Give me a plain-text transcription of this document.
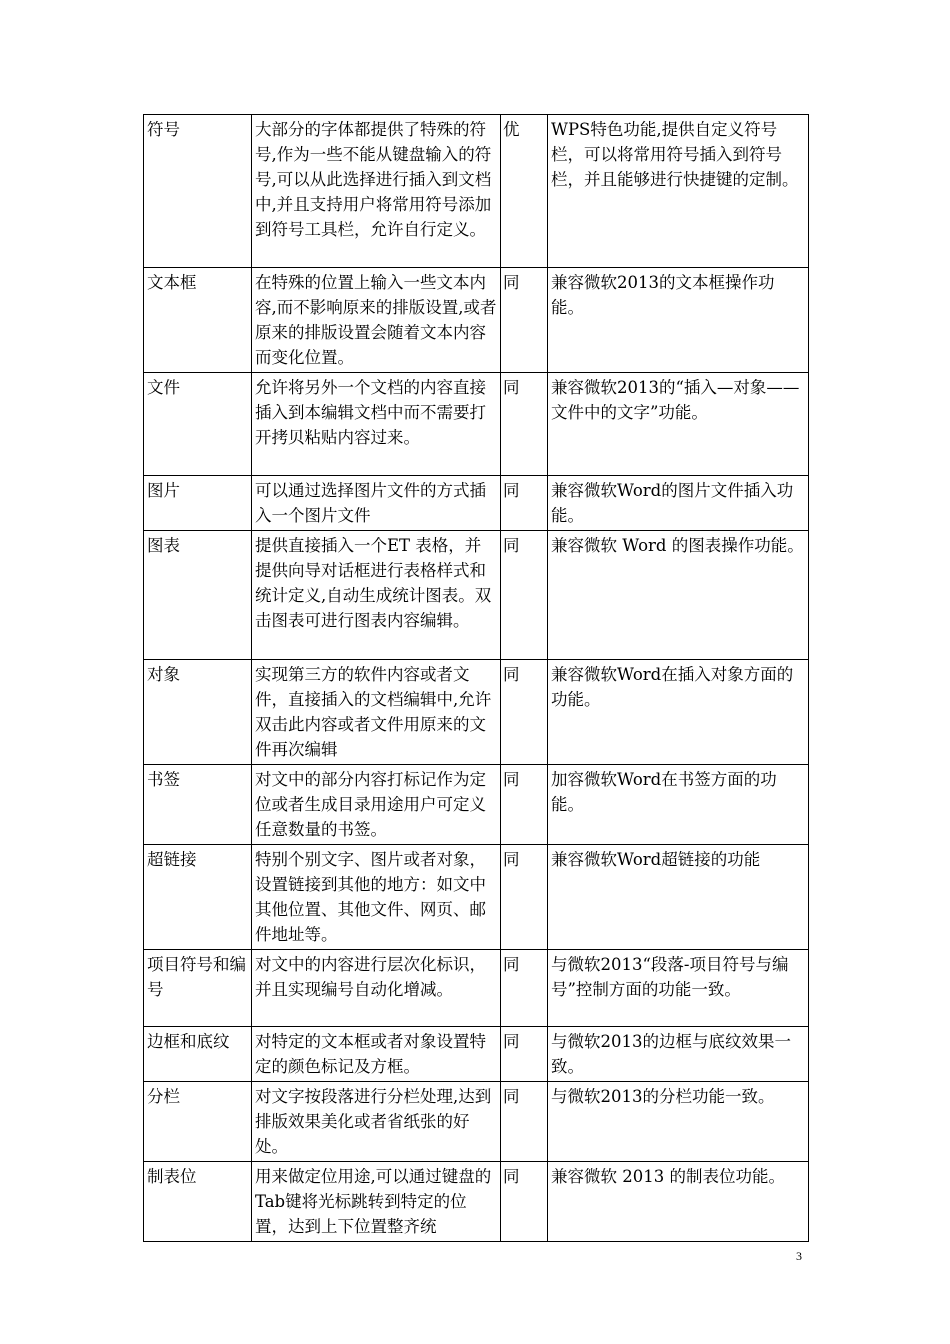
符号	大部分的字体都提供了特殊的符号,作为一些不能从键盘输入的符号,可以从此选择进行插入到文档中,并且支持用户将常用符号添加到符号工具栏，允许自行定义。	优	WPS特色功能,提供自定义符号栏，可以将常用符号插入到符号栏，并且能够进行快捷键的定制。
文本框	在特殊的位置上输入一些文本内容,而不影响原来的排版设置,或者原来的排版设置会随着文本内容而变化位置。	同	兼容微软2013的文本框操作功能。
文件	允许将另外一个文档的内容直接插入到本编辑文档中而不需要打开拷贝粘贴内容过来。	同	兼容微软2013的“插入—对象——文件中的文字”功能。
图片	可以通过选择图片文件的方式插入一个图片文件	同	兼容微软Word的图片文件插入功能。
图表	提供直接插入一个ET 表格，并提供向导对话框进行表格样式和统计定义,自动生成统计图表。双击图表可进行图表内容编辑。	同	兼容微软 Word 的图表操作功能。
对象	实现第三方的软件内容或者文件，直接插入的文档编辑中,允许双击此内容或者文件用原来的文件再次编辑	同	兼容微软Word在插入对象方面的功能。
书签	对文中的部分内容打标记作为定位或者生成目录用途用户可定义任意数量的书签。	同	加容微软Word在书签方面的功能。
超链接	特别个别文字、图片或者对象，设置链接到其他的地方：如文中其他位置、其他文件、网页、邮件地址等。	同	兼容微软Word超链接的功能
项目符号和编号	对文中的内容进行层次化标识，并且实现编号自动化增减。	同	与微软2013“段落-项目符号与编号”控制方面的功能一致。
边框和底纹	对特定的文本框或者对象设置特定的颜色标记及方框。	同	与微软2013的边框与底纹效果一致。
分栏	对文字按段落进行分栏处理,达到排版效果美化或者省纸张的好处。	同	与微软2013的分栏功能一致。
制表位	用来做定位用途,可以通过键盘的Tab键将光标跳转到特定的位置，达到上下位置整齐统	同	兼容微软 2013 的制表位功能。
3
